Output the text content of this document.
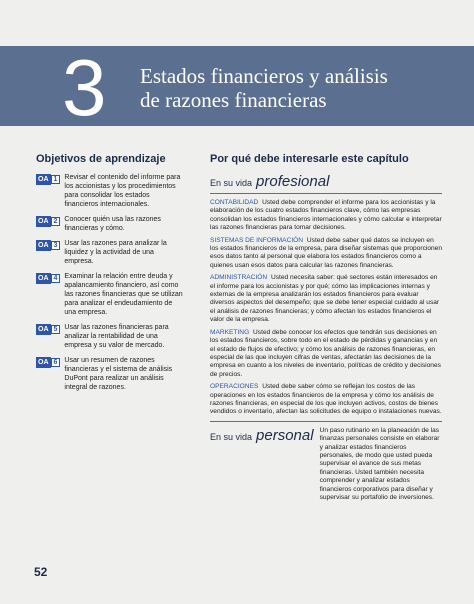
3 Estados financieros y análisis
de razones financieras
Objetivos de aprendizaje
OA 1	Revisar el contenido del informe para los accionistas y los procedimientos para consolidar los estados financieros internacionales.
OA 2	Conocer quién usa las razones financieras y cómo.
OA 3	Usar las razones para analizar la liquidez y la actividad de una empresa.
OA 4	Examinar la relación entre deuda y apalancamiento financiero, así como las razones financieras que se utilizan para analizar el endeudamiento de una empresa.
OA 5	Usar las razones financieras para analizar la rentabilidad de una empresa y su valor de mercado.
OA 6	Usar un resumen de razones financieras y el sistema de análisis DuPont para realizar un análisis integral de razones.
Por qué debe interesarle este capítulo
En su vida profesional

CONTABILIDAD Usted debe comprender el informe para los accionistas y la elaboración de los cuatro estados financieros clave, cómo las empresas consolidan los estados financieros internacionales y cómo calcular e interpretar las razones financieras para tomar decisiones.

SISTEMAS DE INFORMACIÓN Usted debe saber qué datos se incluyen en los estados financieros de la empresa, para diseñar sistemas que proporcionen esos datos tanto al personal que elabora los estados financieros como a quienes usan esos datos para calcular las razones financieras.

ADMINISTRACIÓN Usted necesita saber: qué sectores están interesados en el informe para los accionistas y por qué; cómo las implicaciones internas y externas de la empresa analizarán los estados financieros para evaluar diversos aspectos del desempeño; que se debe tener especial cuidado al usar el análisis de razones financieras; y cómo afectan los estados financieros el valor de la empresa.

MARKETING Usted debe conocer los efectos que tendrán sus decisiones en los estados financieros, sobre todo en el estado de pérdidas y ganancias y en el estado de flujos de efectivo; y cómo los análisis de razones financieras, en especial de las que incluyen cifras de ventas, afectarán las decisiones de la empresa en cuanto a los niveles de inventario, políticas de crédito y decisiones de precios.

OPERACIONES Usted debe saber cómo se reflejan los costos de las operaciones en los estados financieros de la empresa y cómo los análisis de razones financieras, en especial de los que incluyen activos, costos de bienes vendidos o inventario, afectan las solicitudes de equipo o instalaciones nuevas.

En su vida personal Un paso rutinario en la planeación de las finanzas personales consiste en elaborar y analizar estados financieros personales, de modo que usted pueda supervisar el avance de sus metas financieras. Usted también necesita comprender y analizar estados financieros corporativos para diseñar y supervisar su portafolio de inversiones.
52
